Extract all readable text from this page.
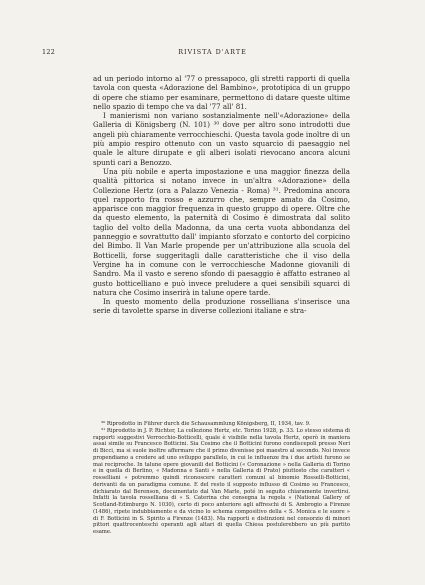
122	RIVISTA D'ARTE

ad un periodo intorno al '77 o pressapoco, gli stretti rapporti di quella tavola con questa «Adorazione del Bambino», prototipica di un gruppo di opere che stiamo per esaminare, permettono di datare queste ultime nello spazio di tempo che va dal '77 all' 81.

I manierismi non variano sostanzialmente nell'«Adorazione» della Galleria di Königsberg (N. 101) ³⁰ dove per altro sono introdotti due angeli più chiaramente verrocchieschi. Questa tavola gode inoltre di un più ampio respiro ottenuto con un vasto squarcio di paesaggio nel quale le alture dirupate e gli alberi isolati rievocano ancora alcuni spunti cari a Benozzo.

Una più nobile e aperta impostazione e una maggior finezza della qualità pittorica si notano invece in un'altra «Adorazione» della Collezione Hertz (ora a Palazzo Venezia - Roma) ³¹. Predomina ancora quel rapporto fra rosso e azzurro che, sempre amato da Cosimo, apparisce con maggior frequenza in questo gruppo di opere. Oltre che da questo elemento, la paternità di Cosimo è dimostrata dal solito taglio del volto della Madonna, da una certa vuota abbondanza del panneggio e sovrattutto dall' impianto sforzato e contorto del corpicino del Bimbo. Il Van Marle propende per un'attribuzione alla scuola del Botticelli, forse suggeritagli dalle caratteristiche che il viso della Vergine ha in comune con le verrocchiesche Madonne giovanili di Sandro. Ma il vasto e sereno sfondo di paesaggio è affatto estraneo al gusto botticelliano e può invece preludere a quei sensibili squarci di natura che Cosimo inserirà in talune opere tarde.

In questo momento della produzione rosselliana s'inserisce una serie di tavolette sparse in diverse collezioni italiane e stra-

³⁰ Riprodotto in Führer durch die Schausammlung Königsberg, II, 1934, tav. 9.

³¹ Riprodotto in J. P. Richter, La collezione Hertz, etc. Torino 1928, p. 33. Lo stesso sistema di rapporti suggestivi Verrocchio-Botticelli, quale è visibile nella tavola Hertz, operò in maniera assai simile su Francesco Botticini. Sia Cosimo che il Botticini furono condiscepoli presso Neri di Bicci, ma si suole inoltre affermare che il primo divenisse poi maestro al secondo. Noi invece propendiamo a credere ad uno sviluppo parallelo, in cui le influenze fra i due artisti furono se mai reciproche. In talune opere giovanili del Botticini (« Coronazione » nella Galleria di Torino e in quella di Berlino, « Madonna e Santi » nella Galleria di Prato) piuttosto che caratteri « rosselliani » potremmo quindi riconoscere caratteri comuni al binomio Rosselli-Botticini, derivanti da un paradigma comune. E del resto il supposto influsso di Cosimo su Francesco, dichiarato dal Berenson, documentato dal Van Marle, poté in seguito chiaramente invertirsi. Infatti la tavola rosselliana di « S. Caterina che consegna la regola » (National Gallery of Scotland-Edimburgo N. 1030), certo di poco anteriore agli affreschi di S. Ambrogio a Firenze (1486), ripete indubbiamente e da vicino lo schema compositivo della « S. Monica e le suore » di F. Botticini in S. Spirito a Firenze (1483). Ma rapporti e distinzioni nel consorzio di minori pittori quattrocenteschi operanti agli altari di quella Chiesa postulerebbero un più partito esame.
